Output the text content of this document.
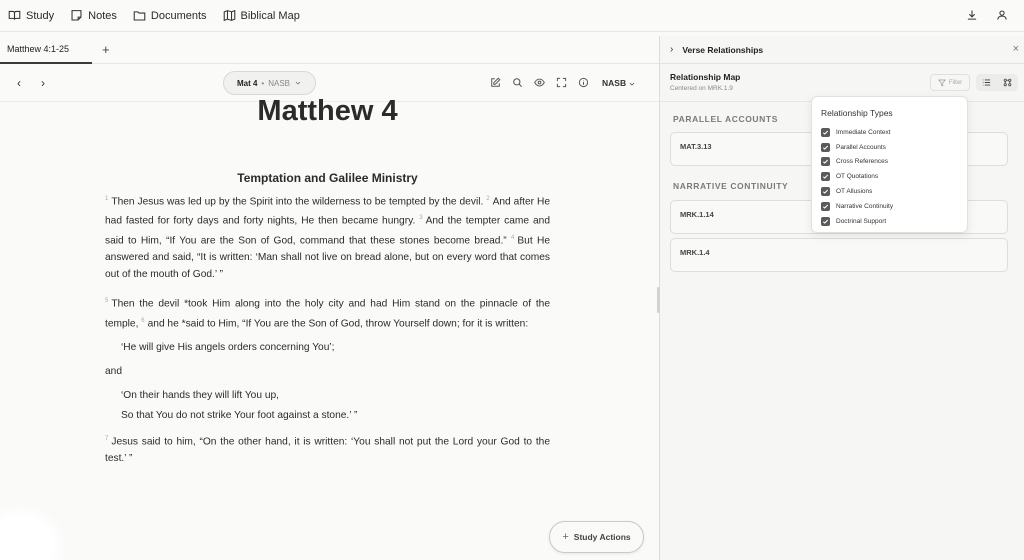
Study	Notes	Documents	Biblical Map
Matthew 4:1-25	+
‹ ›	Mat 4 • NASB	NASB
Matthew 4
Temptation and Galilee Ministry

$^1$ Then Jesus was led up by the Spirit into the wilderness to be tempted by the devil. $^2$ And after He had fasted for forty days and forty nights, He then became hungry. $^3$ And the tempter came and said to Him, “If You are the Son of God, command that these stones become bread.” $^4$ But He answered and said, “It is written: ‘Man shall not live on bread alone, but on every word that comes out of the mouth of God.’ ”

$^5$ Then the devil *took Him along into the holy city and had Him stand on the pinnacle of the temple, $^6$ and he *said to Him, “If You are the Son of God, throw Yourself down; for it is written:

‘He will give His angels orders concerning You’;
and
‘On their hands they will lift You up,
So that You do not strike Your foot against a stone.’ ”

$^7$ Jesus said to him, “On the other hand, it is written: ‘You shall not put the Lord your God to the test.’ ”

+ Study Actions
› Verse Relationships	×
Relationship Map
Centered on MRK.1.9
Filter
PARALLEL ACCOUNTS
MAT.3.13
NARRATIVE CONTINUITY
MRK.1.14
MRK.1.4
Relationship Types
Immediate Context
Parallel Accounts
Cross References
OT Quotations
OT Allusions
Narrative Continuity
Doctrinal Support
